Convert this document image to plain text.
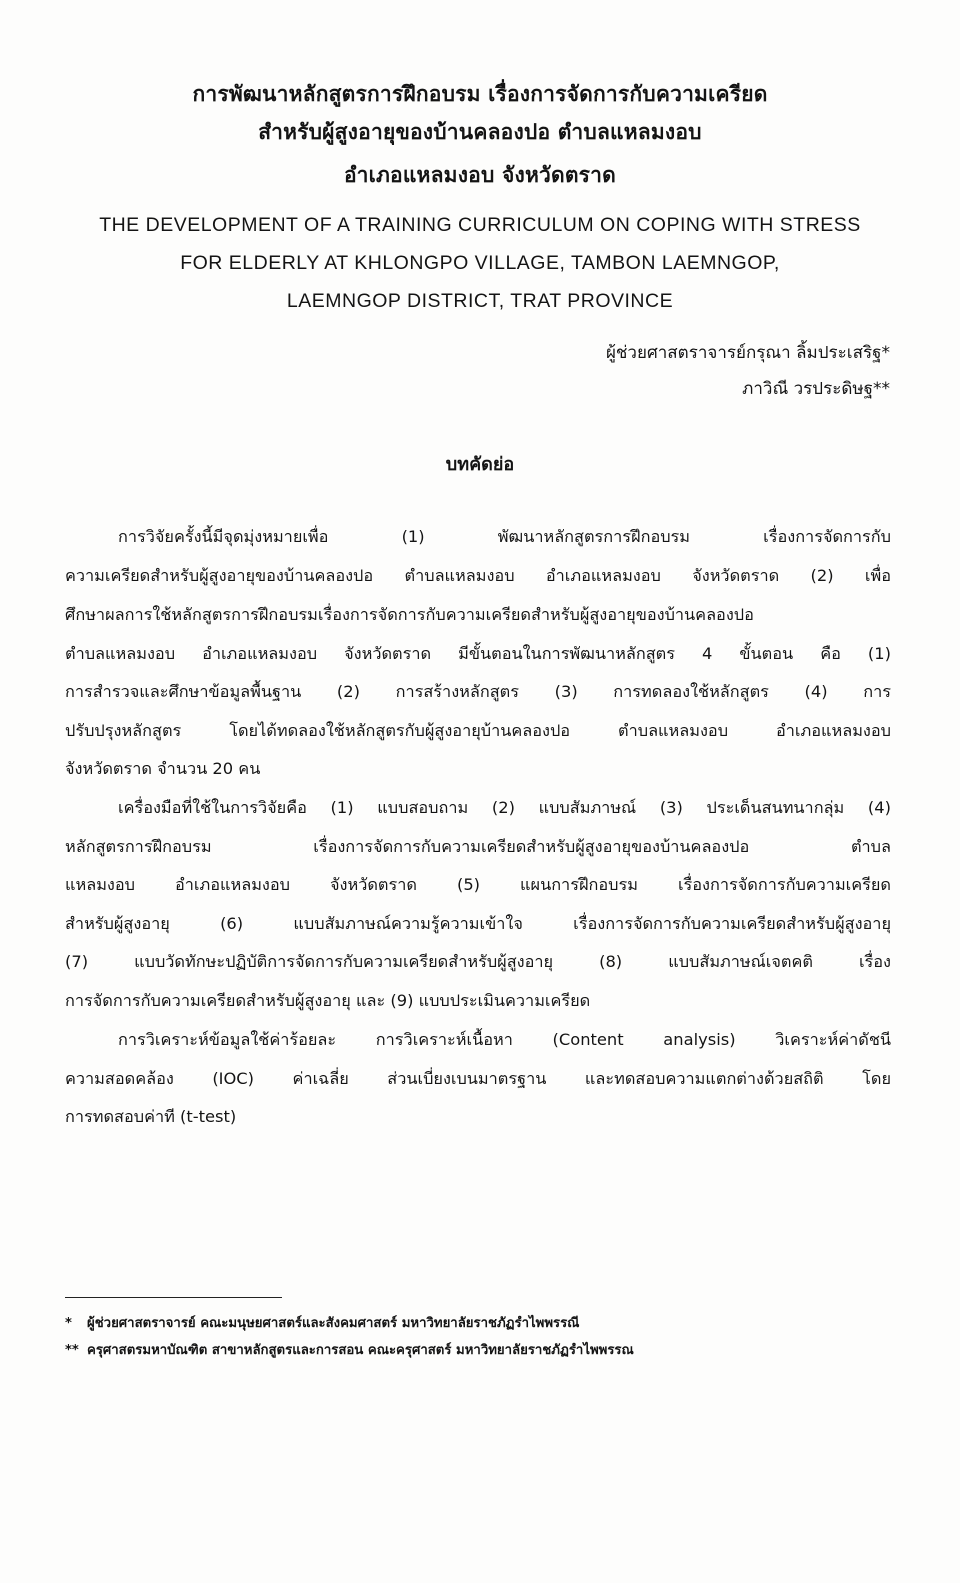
การพัฒนาหลักสูตรการฝึกอบรม เรื่องการจัดการกับความเครียด
สำหรับผู้สูงอายุของบ้านคลองปอ ตำบลแหลมงอบ
อำเภอแหลมงอบ จังหวัดตราด
THE DEVELOPMENT OF A TRAINING CURRICULUM ON COPING WITH STRESS
FOR ELDERLY AT KHLONGPO VILLAGE, TAMBON LAEMNGOP,
LAEMNGOP DISTRICT, TRAT PROVINCE
ผู้ช่วยศาสตราจารย์กรุณา ลิ้มประเสริฐ*
ภาวิณี วรประดิษฐ**
บทคัดย่อ
การวิจัยครั้งนี้มีจุดมุ่งหมายเพื่อ (1) พัฒนาหลักสูตรการฝึกอบรม เรื่องการจัดการกับ
ความเครียดสำหรับผู้สูงอายุของบ้านคลองปอ ตำบลแหลมงอบ อำเภอแหลมงอบ จังหวัดตราด (2) เพื่อ
ศึกษาผลการใช้หลักสูตรการฝึกอบรมเรื่องการจัดการกับความเครียดสำหรับผู้สูงอายุของบ้านคลองปอ
ตำบลแหลมงอบ อำเภอแหลมงอบ จังหวัดตราด มีขั้นตอนในการพัฒนาหลักสูตร 4 ขั้นตอน คือ (1)
การสำรวจและศึกษาข้อมูลพื้นฐาน (2) การสร้างหลักสูตร (3) การทดลองใช้หลักสูตร (4) การ
ปรับปรุงหลักสูตร โดยได้ทดลองใช้หลักสูตรกับผู้สูงอายุบ้านคลองปอ ตำบลแหลมงอบ อำเภอแหลมงอบ
จังหวัดตราด จำนวน 20 คน
เครื่องมือที่ใช้ในการวิจัยคือ (1) แบบสอบถาม (2) แบบสัมภาษณ์ (3) ประเด็นสนทนากลุ่ม (4)
หลักสูตรการฝึกอบรม เรื่องการจัดการกับความเครียดสำหรับผู้สูงอายุของบ้านคลองปอ ตำบล
แหลมงอบ อำเภอแหลมงอบ จังหวัดตราด (5) แผนการฝึกอบรม เรื่องการจัดการกับความเครียด
สำหรับผู้สูงอายุ (6) แบบสัมภาษณ์ความรู้ความเข้าใจ เรื่องการจัดการกับความเครียดสำหรับผู้สูงอายุ
(7) แบบวัดทักษะปฏิบัติการจัดการกับความเครียดสำหรับผู้สูงอายุ (8) แบบสัมภาษณ์เจตคติ เรื่อง
การจัดการกับความเครียดสำหรับผู้สูงอายุ และ (9) แบบประเมินความเครียด
การวิเคราะห์ข้อมูลใช้ค่าร้อยละ การวิเคราะห์เนื้อหา (Content analysis) วิเคราะห์ค่าดัชนี
ความสอดคล้อง (IOC) ค่าเฉลี่ย ส่วนเบี่ยงเบนมาตรฐาน และทดสอบความแตกต่างด้วยสถิติ โดย
การทดสอบค่าที (t-test)
* ผู้ช่วยศาสตราจารย์ คณะมนุษยศาสตร์และสังคมศาสตร์ มหาวิทยาลัยราชภัฏรำไพพรรณี
** ครุศาสตรมหาบัณฑิต สาขาหลักสูตรและการสอน คณะครุศาสตร์ มหาวิทยาลัยราชภัฏรำไพพรรณ
